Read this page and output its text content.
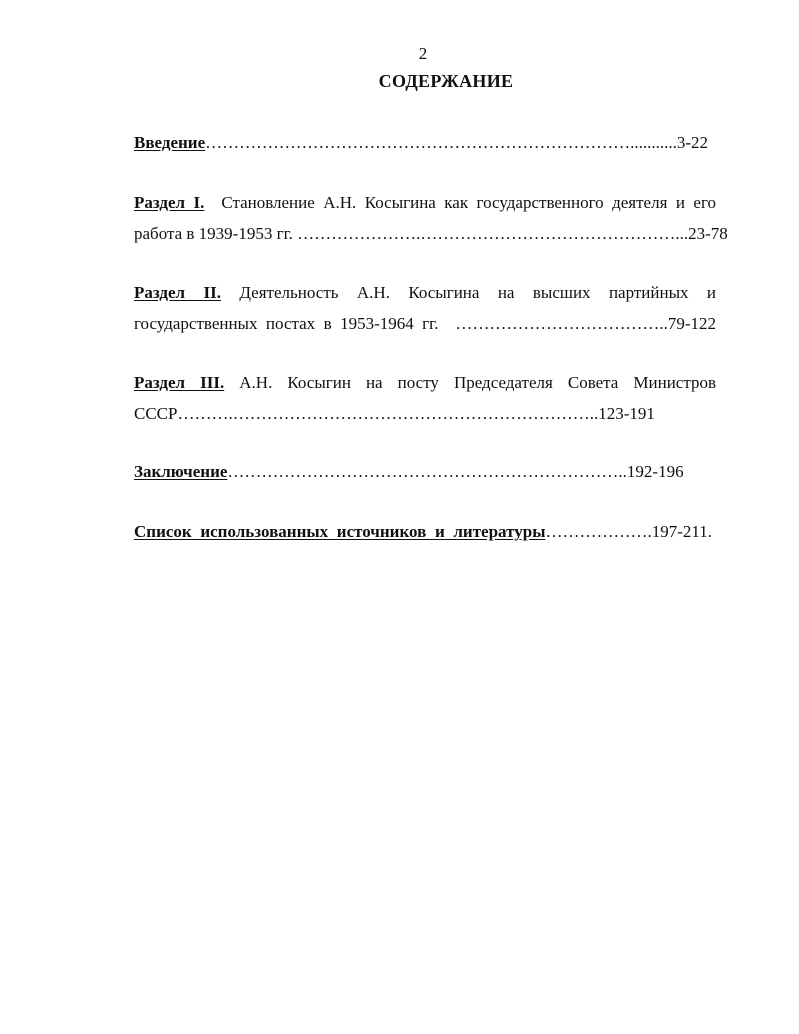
2
СОДЕРЖАНИЕ
Введение…………………………………………………………………...........3-22
Раздел I. Становление А.Н. Косыгина как государственного деятеля и его
работа в 1939-1953 гг. ………………….………………………………………...23-78
Раздел II. Деятельность А.Н. Косыгина на высших партийных и
государственных постах в 1953-1964 гг. ………………………………..79-122
Раздел III. А.Н. Косыгин на посту Председателя Совета Министров
СССР……….………………………………………………………..123-191
Заключение……………………………………………………………..192-196
Список использованных источников и литературы……………….197-211.
